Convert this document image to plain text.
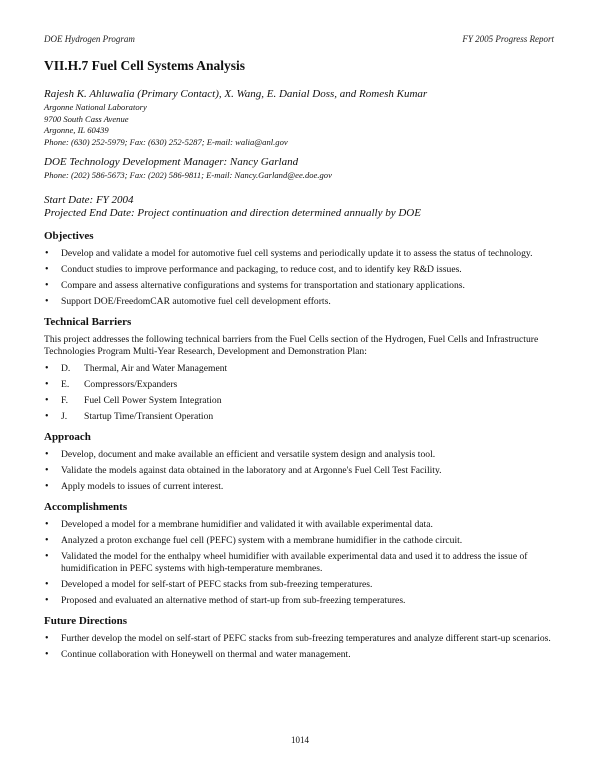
DOE Hydrogen Program	FY 2005 Progress Report
VII.H.7 Fuel Cell Systems Analysis
Rajesh K. Ahluwalia (Primary Contact), X. Wang, E. Danial Doss, and Romesh Kumar
Argonne National Laboratory
9700 South Cass Avenue
Argonne, IL 60439
Phone: (630) 252-5979; Fax: (630) 252-5287; E-mail: walia@anl.gov
DOE Technology Development Manager: Nancy Garland
Phone: (202) 586-5673; Fax: (202) 586-9811; E-mail: Nancy.Garland@ee.doe.gov
Start Date: FY 2004
Projected End Date: Project continuation and direction determined annually by DOE
Objectives
• Develop and validate a model for automotive fuel cell systems and periodically update it to assess the status of technology.
• Conduct studies to improve performance and packaging, to reduce cost, and to identify key R&D issues.
• Compare and assess alternative configurations and systems for transportation and stationary applications.
• Support DOE/FreedomCAR automotive fuel cell development efforts.
Technical Barriers

This project addresses the following technical barriers from the Fuel Cells section of the Hydrogen, Fuel Cells and Infrastructure Technologies Program Multi-Year Research, Development and Demonstration Plan:

• D. Thermal, Air and Water Management
• E. Compressors/Expanders
• F. Fuel Cell Power System Integration
• J. Startup Time/Transient Operation
Approach
• Develop, document and make available an efficient and versatile system design and analysis tool.
• Validate the models against data obtained in the laboratory and at Argonne's Fuel Cell Test Facility.
• Apply models to issues of current interest.
Accomplishments
• Developed a model for a membrane humidifier and validated it with available experimental data.
• Analyzed a proton exchange fuel cell (PEFC) system with a membrane humidifier in the cathode circuit.
• Validated the model for the enthalpy wheel humidifier with available experimental data and used it to address the issue of humidification in PEFC systems with high-temperature membranes.
• Developed a model for self-start of PEFC stacks from sub-freezing temperatures.
• Proposed and evaluated an alternative method of start-up from sub-freezing temperatures.
Future Directions
• Further develop the model on self-start of PEFC stacks from sub-freezing temperatures and analyze different start-up scenarios.
• Continue collaboration with Honeywell on thermal and water management.
1014
